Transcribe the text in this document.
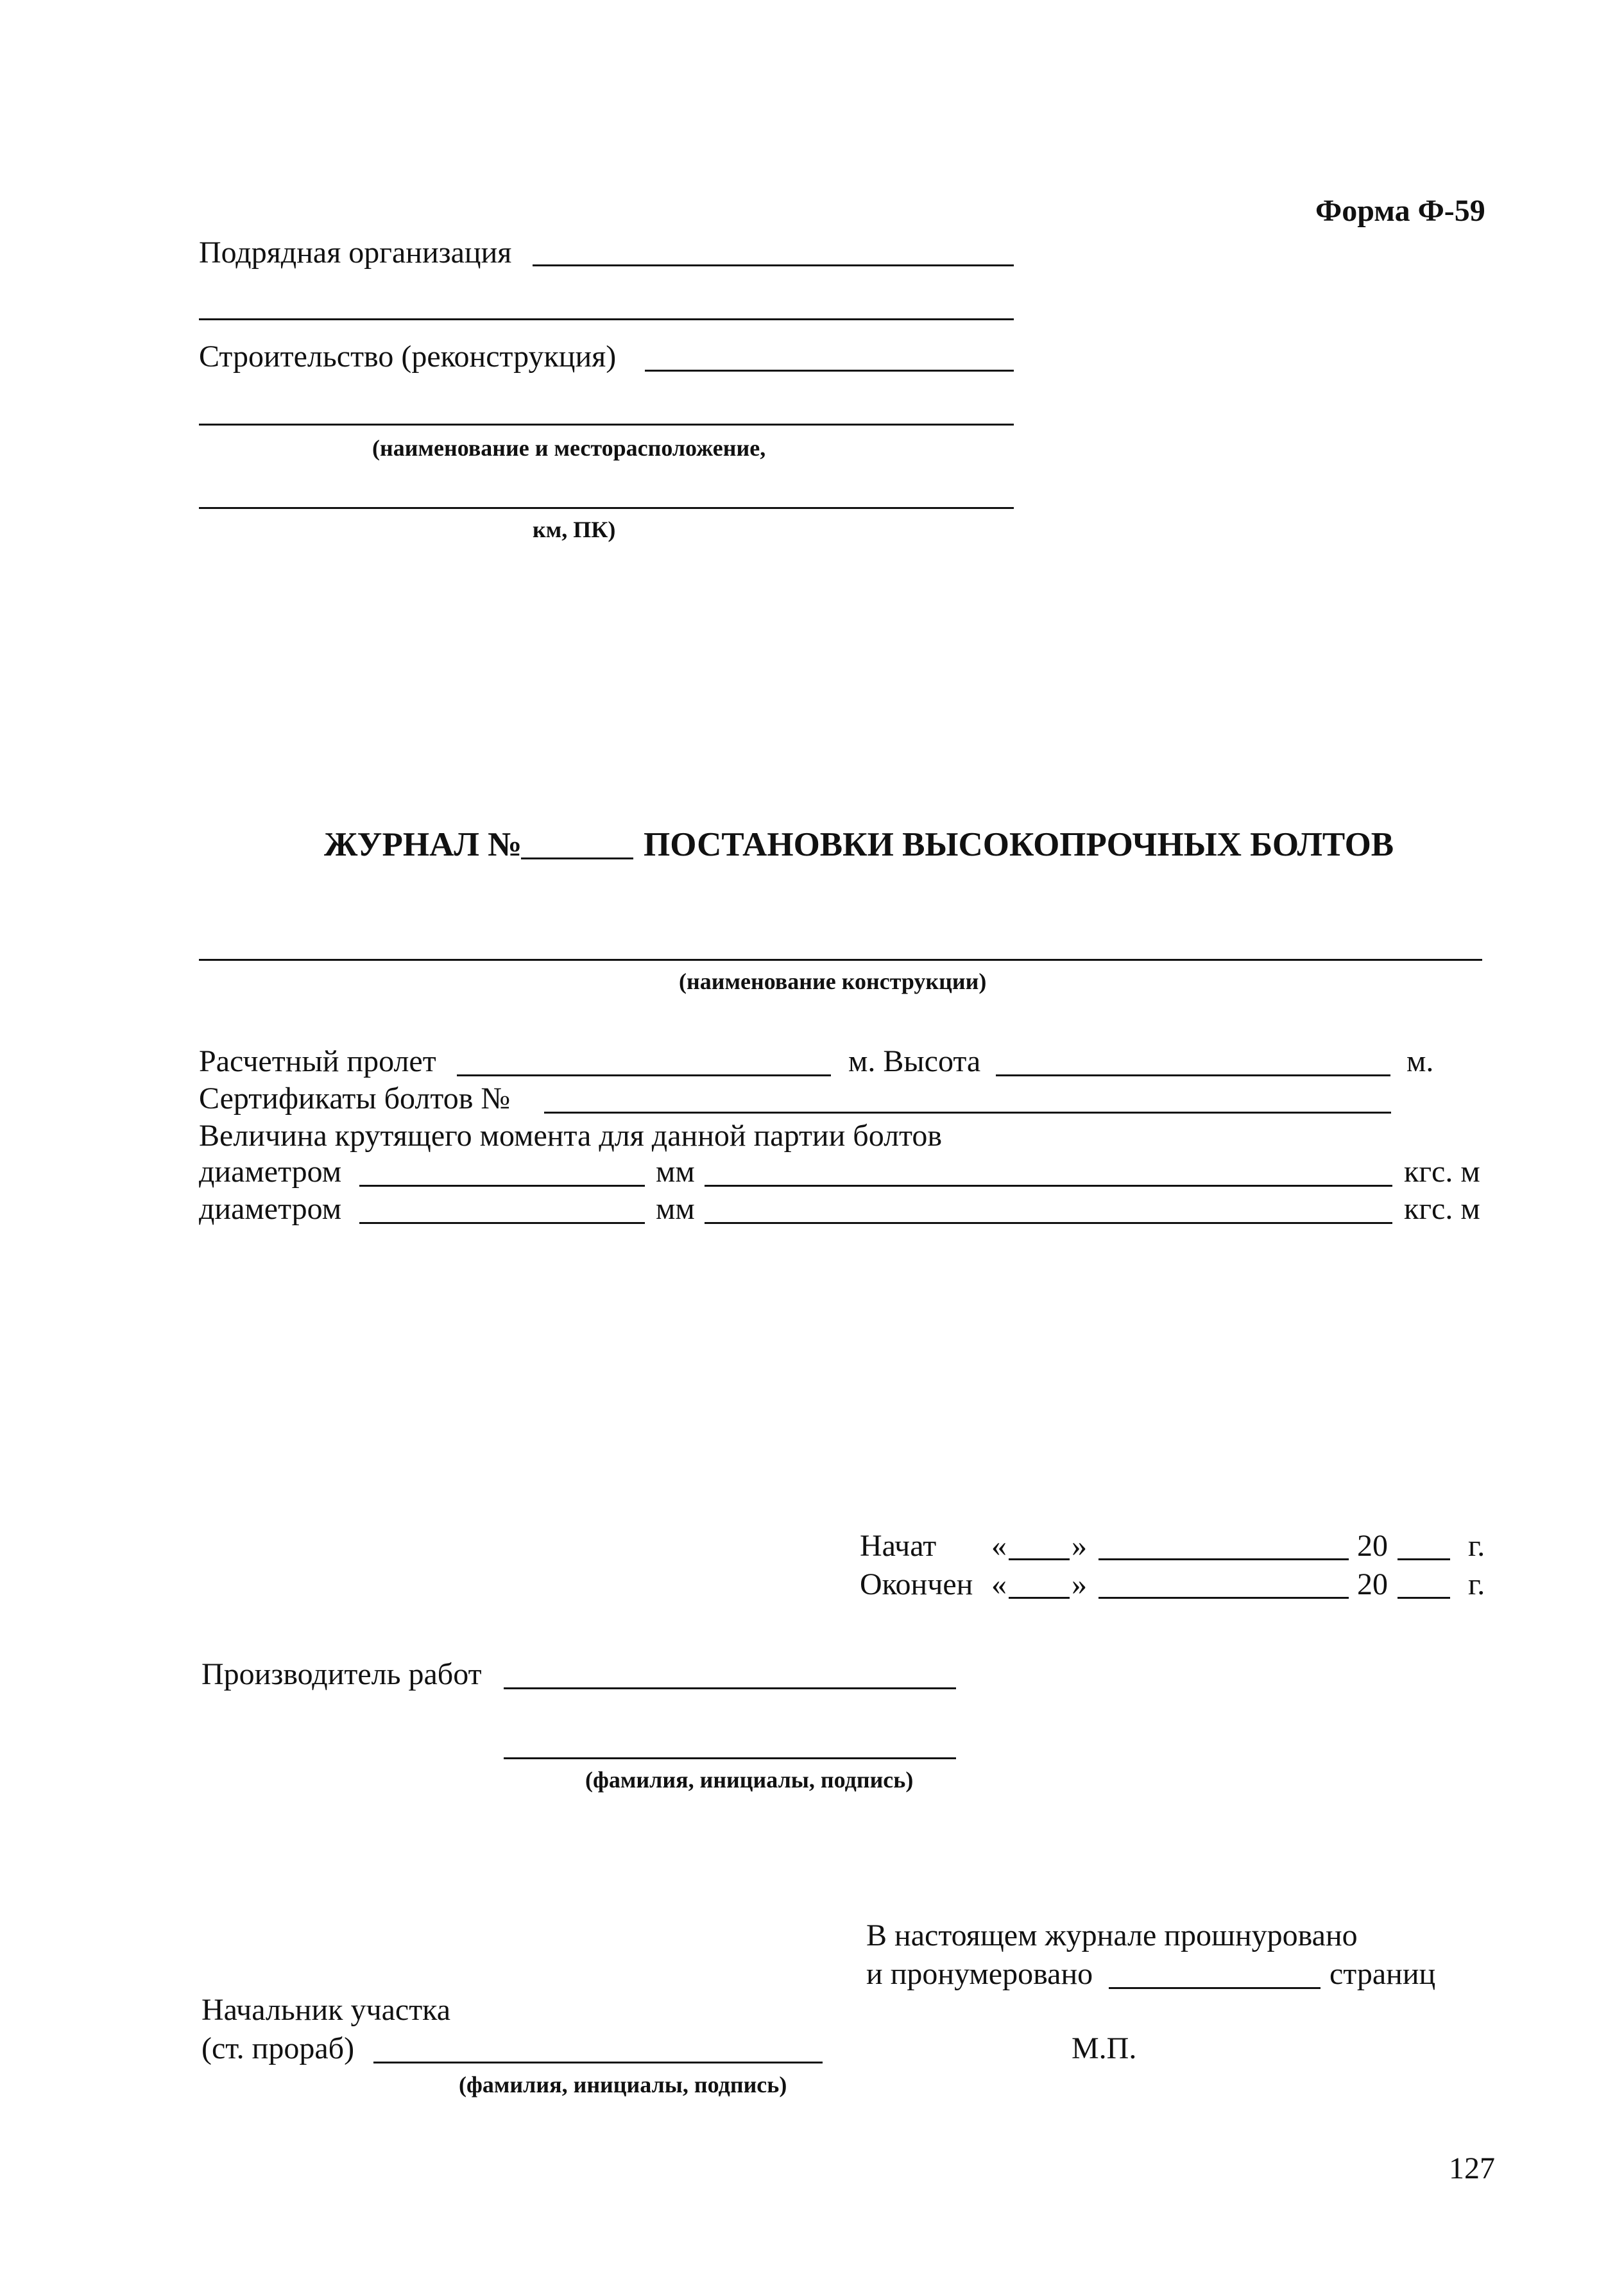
Форма Ф-59
Подрядная организация
Строительство (реконструкция)
(наименование и месторасположение,
км, ПК)
ЖУРНАЛ №	ПОСТАНОВКИ ВЫСОКОПРОЧНЫХ БОЛТОВ
(наименование конструкции)
Расчетный пролет	м. Высота	м.
Сертификаты болтов №
Величина крутящего момента для данной партии болтов
диаметром	мм	кгс. м
диаметром	мм	кгс. м
Начат « »	20	г.
Окончен « »	20	г.
Производитель работ
(фамилия, инициалы, подпись)
В настоящем журнале прошнуровано
и пронумеровано	страниц
Начальник участка
(ст. прораб)
(фамилия, инициалы, подпись)
М.П.
127
